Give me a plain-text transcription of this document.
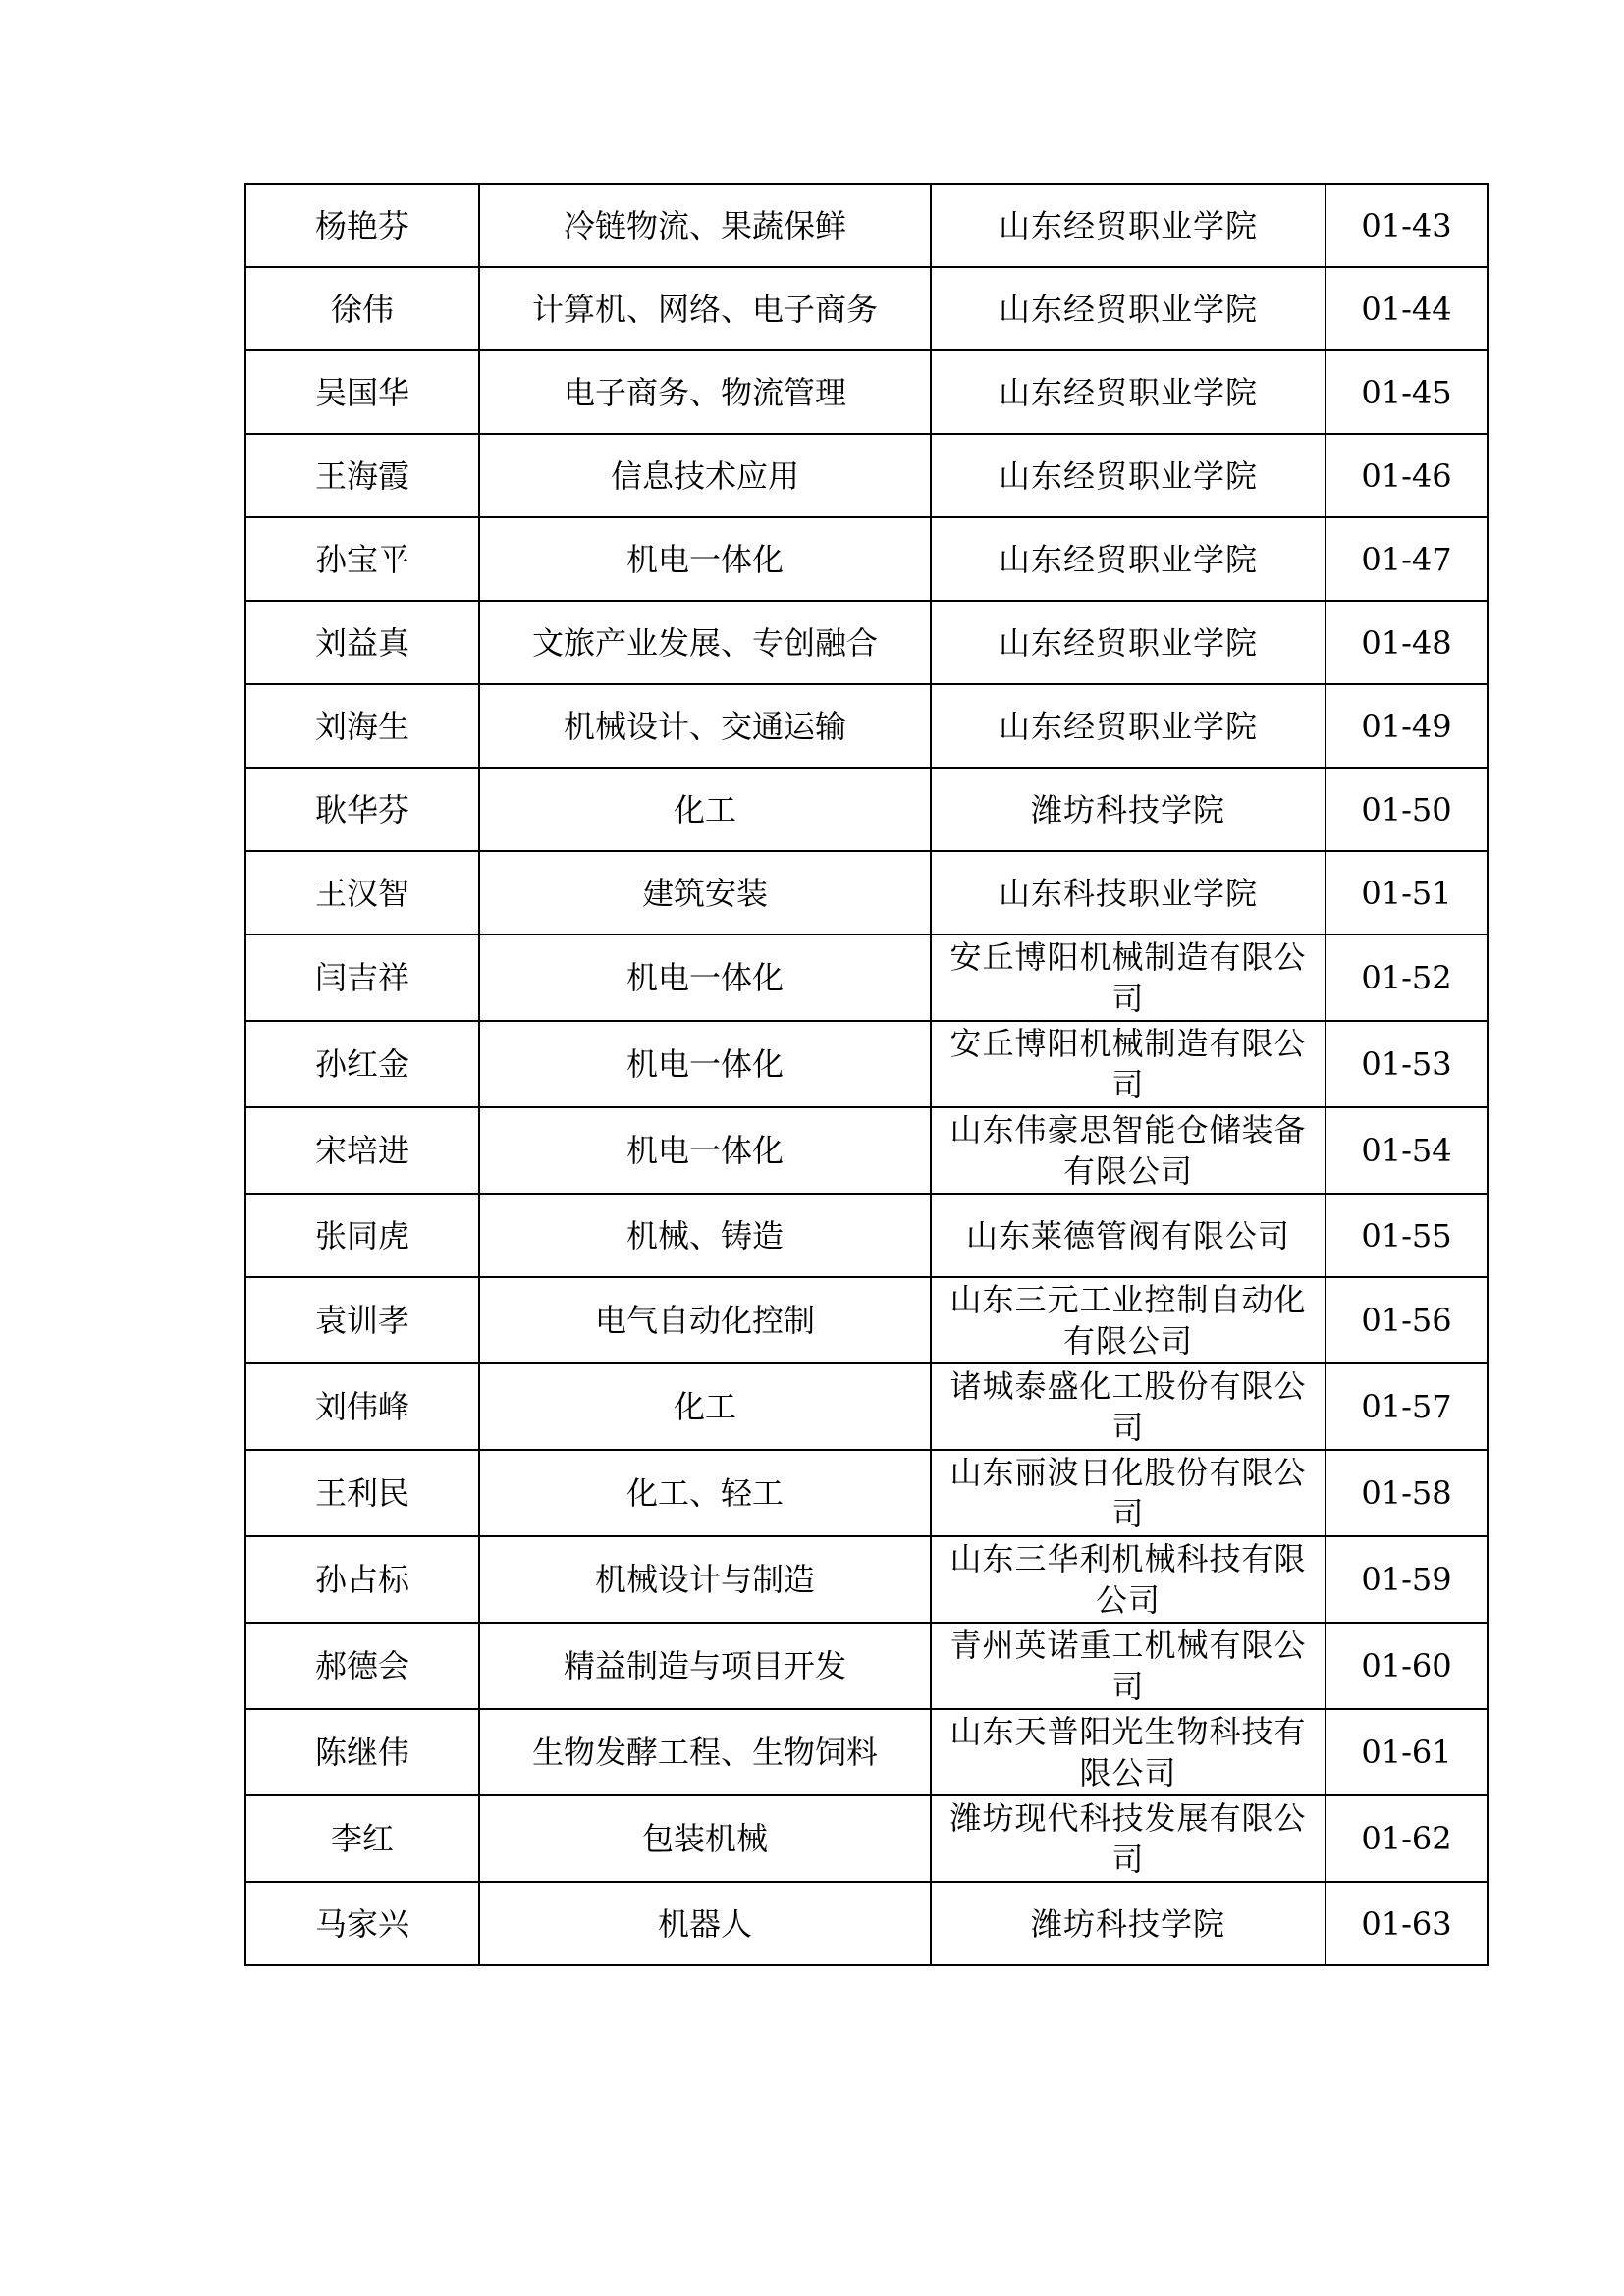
杨艳芬	冷链物流、果蔬保鲜	山东经贸职业学院	01-43
徐伟	计算机、网络、电子商务	山东经贸职业学院	01-44
吴国华	电子商务、物流管理	山东经贸职业学院	01-45
王海霞	信息技术应用	山东经贸职业学院	01-46
孙宝平	机电一体化	山东经贸职业学院	01-47
刘益真	文旅产业发展、专创融合	山东经贸职业学院	01-48
刘海生	机械设计、交通运输	山东经贸职业学院	01-49
耿华芬	化工	潍坊科技学院	01-50
王汉智	建筑安装	山东科技职业学院	01-51
闫吉祥	机电一体化	安丘博阳机械制造有限公司	01-52
孙红金	机电一体化	安丘博阳机械制造有限公司	01-53
宋培进	机电一体化	山东伟豪思智能仓储装备有限公司	01-54
张同虎	机械、铸造	山东莱德管阀有限公司	01-55
袁训孝	电气自动化控制	山东三元工业控制自动化有限公司	01-56
刘伟峰	化工	诸城泰盛化工股份有限公司	01-57
王利民	化工、轻工	山东丽波日化股份有限公司	01-58
孙占标	机械设计与制造	山东三华利机械科技有限公司	01-59
郝德会	精益制造与项目开发	青州英诺重工机械有限公司	01-60
陈继伟	生物发酵工程、生物饲料	山东天普阳光生物科技有限公司	01-61
李红	包装机械	潍坊现代科技发展有限公司	01-62
马家兴	机器人	潍坊科技学院	01-63
